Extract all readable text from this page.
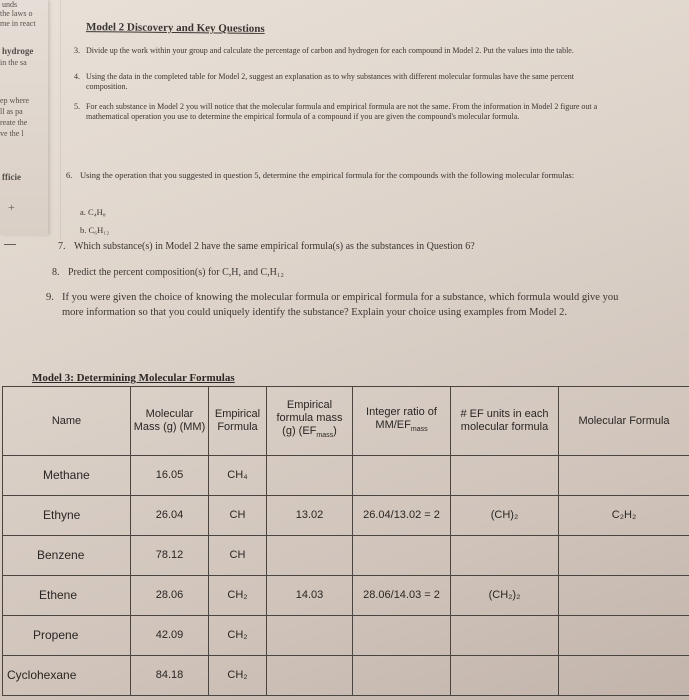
unds
the laws o
me in react
hydroge
in the sa
ep where
ll as pa
reate the
ve the l
fficie
+
Model 2 Discovery and Key Questions
3. Divide up the work within your group and calculate the percentage of carbon and hydrogen for each compound in Model 2. Put the values into the table.
4. Using the data in the completed table for Model 2, suggest an explanation as to why substances with different molecular formulas have the same percent composition.
5. For each substance in Model 2 you will notice that the molecular formula and empirical formula are not the same. From the information in Model 2 figure out a mathematical operation you use to determine the empirical formula of a compound if you are given the compound's molecular formula.
6. Using the operation that you suggested in question 5, determine the empirical formula for the compounds with the following molecular formulas:
a. C₄H₈
b. C₆H₁₂
7. Which substance(s) in Model 2 have the same empirical formula(s) as the substances in Question 6?
8. Predict the percent composition(s) for C,H, and C,H₁₂
9. If you were given the choice of knowing the molecular formula or empirical formula for a substance, which formula would give you more information so that you could uniquely identify the substance? Explain your choice using examples from Model 2.
Model 3: Determining Molecular Formulas
Name	Molecular Mass (g) (MM)	Empirical Formula	Empirical formula mass (g) $(EF_{mass})$	Integer ratio of $MM/EF_{mass}$	# EF units in each molecular formula	Molecular Formula
Methane	16.05	CH₄				
Ethyne	26.04	CH	13.02	26.04/13.02 = 2	(CH)₂	C₂H₂
Benzene	78.12	CH				
Ethene	28.06	CH₂	14.03	28.06/14.03 = 2	(CH₂)₂	
Propene	42.09	CH₂				
Cyclohexane	84.18	CH₂				
